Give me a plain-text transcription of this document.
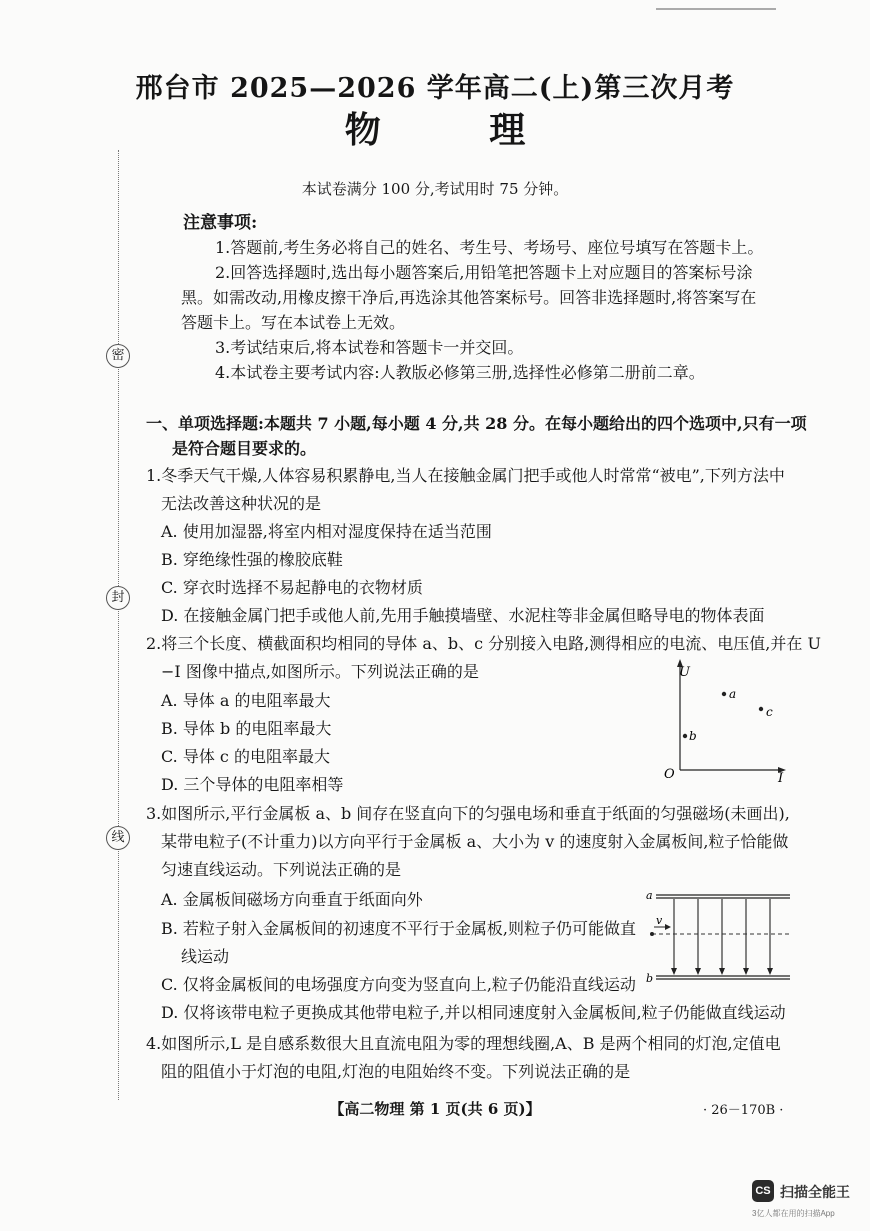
密
封
线
邢台市 2025—2026 学年高二(上)第三次月考
物 理
本试卷满分 100 分,考试用时 75 分钟。
注意事项:
1.答题前,考生务必将自己的姓名、考生号、考场号、座位号填写在答题卡上。
2.回答选择题时,选出每小题答案后,用铅笔把答题卡上对应题目的答案标号涂
黑。如需改动,用橡皮擦干净后,再选涂其他答案标号。回答非选择题时,将答案写在
答题卡上。写在本试卷上无效。
3.考试结束后,将本试卷和答题卡一并交回。
4.本试卷主要考试内容:人教版必修第三册,选择性必修第二册前二章。
一、单项选择题:本题共 7 小题,每小题 4 分,共 28 分。在每小题给出的四个选项中,只有一项
是符合题目要求的。
1.冬季天气干燥,人体容易积累静电,当人在接触金属门把手或他人时常常“被电”,下列方法中
无法改善这种状况的是
A. 使用加湿器,将室内相对湿度保持在适当范围
B. 穿绝缘性强的橡胶底鞋
C. 穿衣时选择不易起静电的衣物材质
D. 在接触金属门把手或他人前,先用手触摸墙壁、水泥柱等非金属但略导电的物体表面
2.将三个长度、横截面积均相同的导体 a、b、c 分别接入电路,测得相应的电流、电压值,并在 U
−I 图像中描点,如图所示。下列说法正确的是
A. 导体 a 的电阻率最大
B. 导体 b 的电阻率最大
C. 导体 c 的电阻率最大
D. 三个导体的电阻率相等
U
I
O
a
c
b
3.如图所示,平行金属板 a、b 间存在竖直向下的匀强电场和垂直于纸面的匀强磁场(未画出),
某带电粒子(不计重力)以方向平行于金属板 a、大小为 v 的速度射入金属板间,粒子恰能做
匀速直线运动。下列说法正确的是
A. 金属板间磁场方向垂直于纸面向外
B. 若粒子射入金属板间的初速度不平行于金属板,则粒子仍可能做直
线运动
C. 仅将金属板间的电场强度方向变为竖直向上,粒子仍能沿直线运动
D. 仅将该带电粒子更换成其他带电粒子,并以相同速度射入金属板间,粒子仍能做直线运动
a
b
v
4.如图所示,L 是自感系数很大且直流电阻为零的理想线圈,A、B 是两个相同的灯泡,定值电
阻的阻值小于灯泡的电阻,灯泡的电阻始终不变。下列说法正确的是
【高二物理 第 1 页(共 6 页)】	· 26－170B ·
CS 扫描全能王
3亿人都在用的扫描App
